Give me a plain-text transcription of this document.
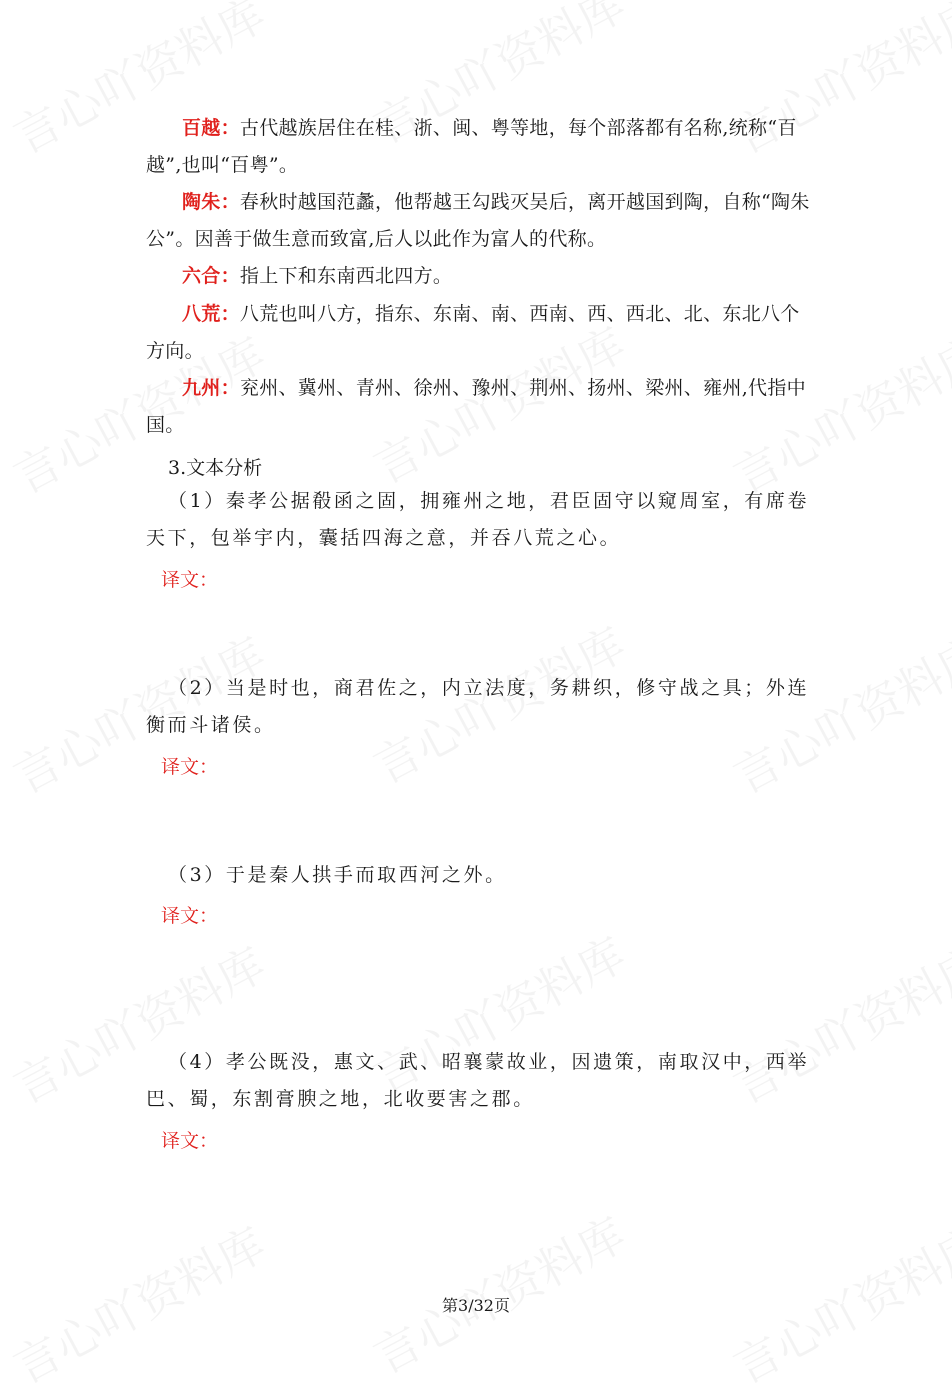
百越：古代越族居住在桂、浙、闽、粤等地，每个部落都有名称,统称“百越”,也叫“百粤”。

陶朱：春秋时越国范蠡，他帮越王勾践灭吴后，离开越国到陶，自称“陶朱公”。因善于做生意而致富,后人以此作为富人的代称。

六合：指上下和东南西北四方。

八荒：八荒也叫八方，指东、东南、南、西南、西、西北、北、东北八个方向。

九州：兖州、冀州、青州、徐州、豫州、荆州、扬州、梁州、雍州,代指中国。

3.文本分析

（1）秦孝公据殽函之固，拥雍州之地，君臣固守以窥周室，有席卷天下，包举宇内，囊括四海之意，并吞八荒之心。

译文：

（2）当是时也，商君佐之，内立法度，务耕织，修守战之具；外连衡而斗诸侯。

译文：

（3）于是秦人拱手而取西河之外。

译文：

（4）孝公既没，惠文、武、昭襄蒙故业，因遗策，南取汉中，西举巴、蜀，东割膏腴之地，北收要害之郡。

译文：

第3/32页
